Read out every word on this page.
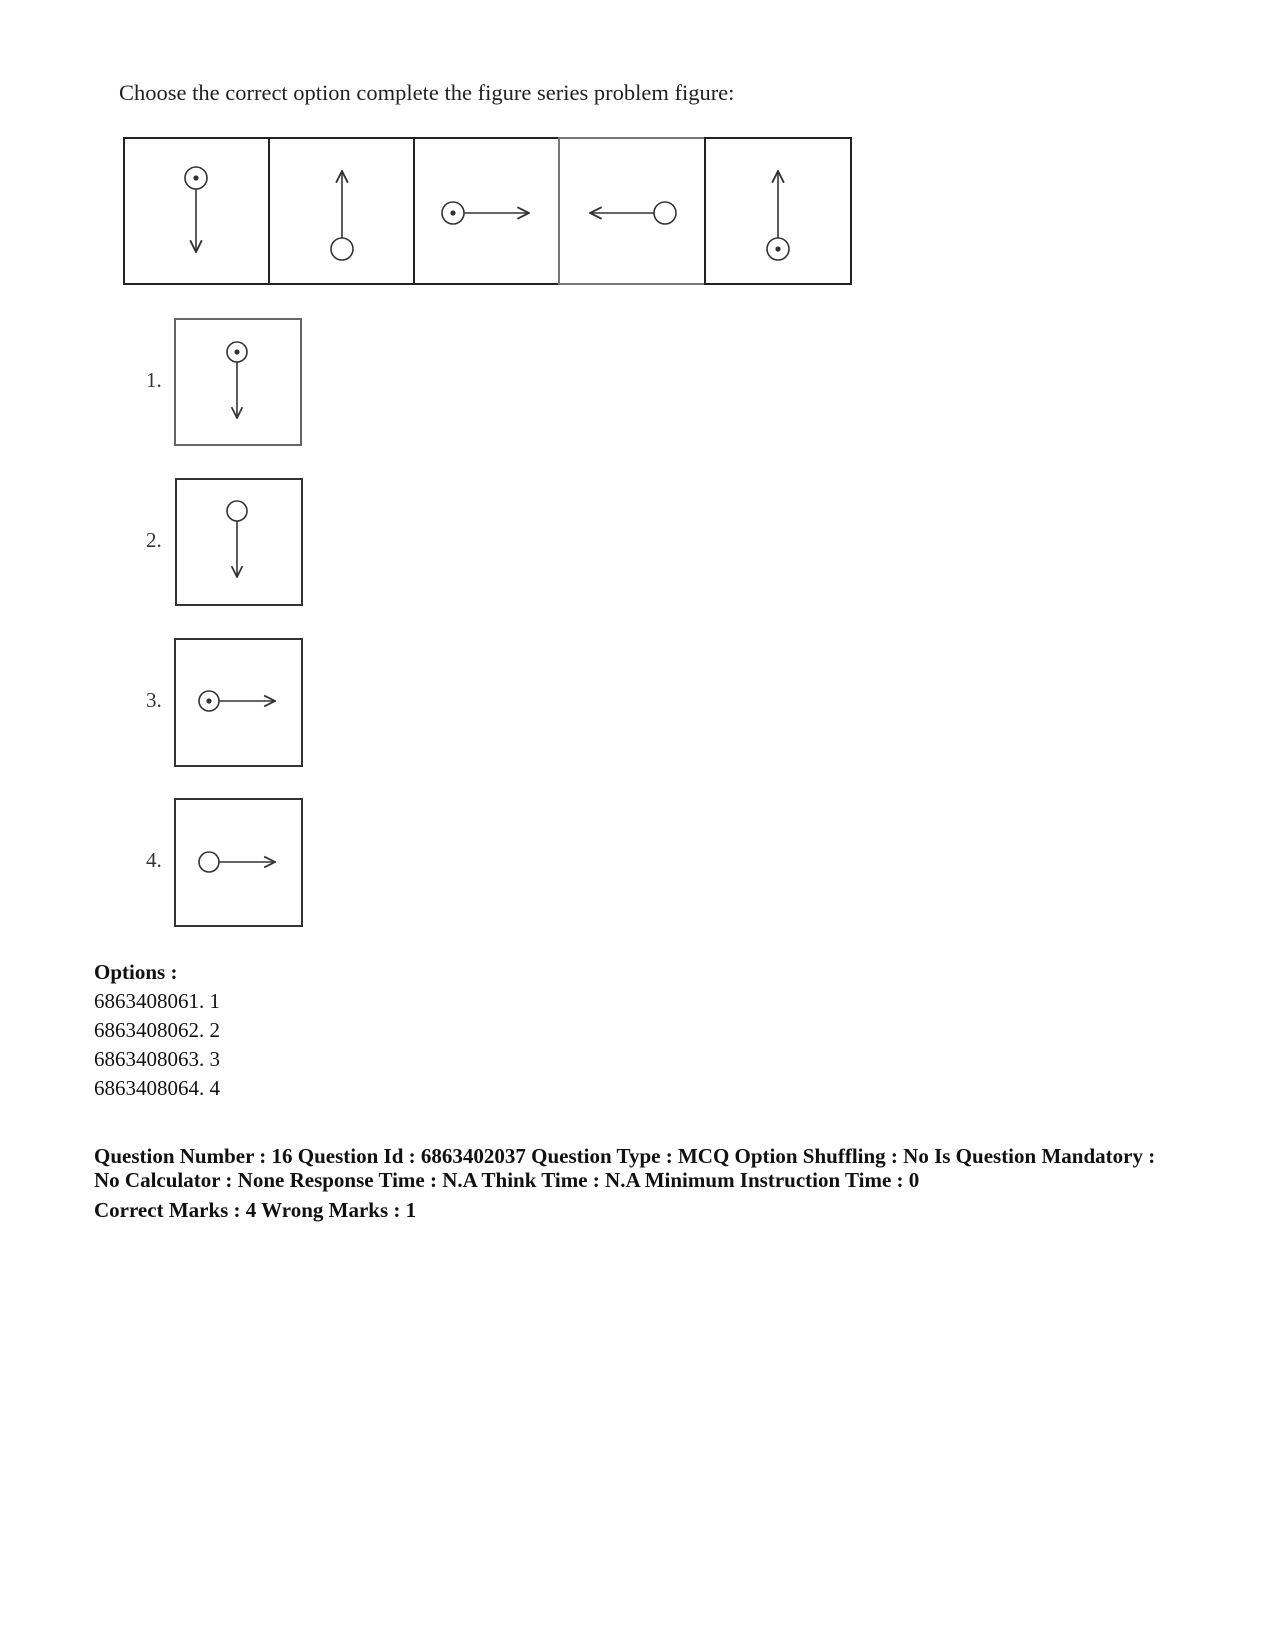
Choose the correct option complete the figure series problem figure:
1.
2.
3.
4.
Options :
6863408061. 1
6863408062. 2
6863408063. 3
6863408064. 4
Question Number : 16 Question Id : 6863402037 Question Type : MCQ Option Shuffling : No Is Question Mandatory :
No Calculator : None Response Time : N.A Think Time : N.A Minimum Instruction Time : 0
Correct Marks : 4 Wrong Marks : 1
